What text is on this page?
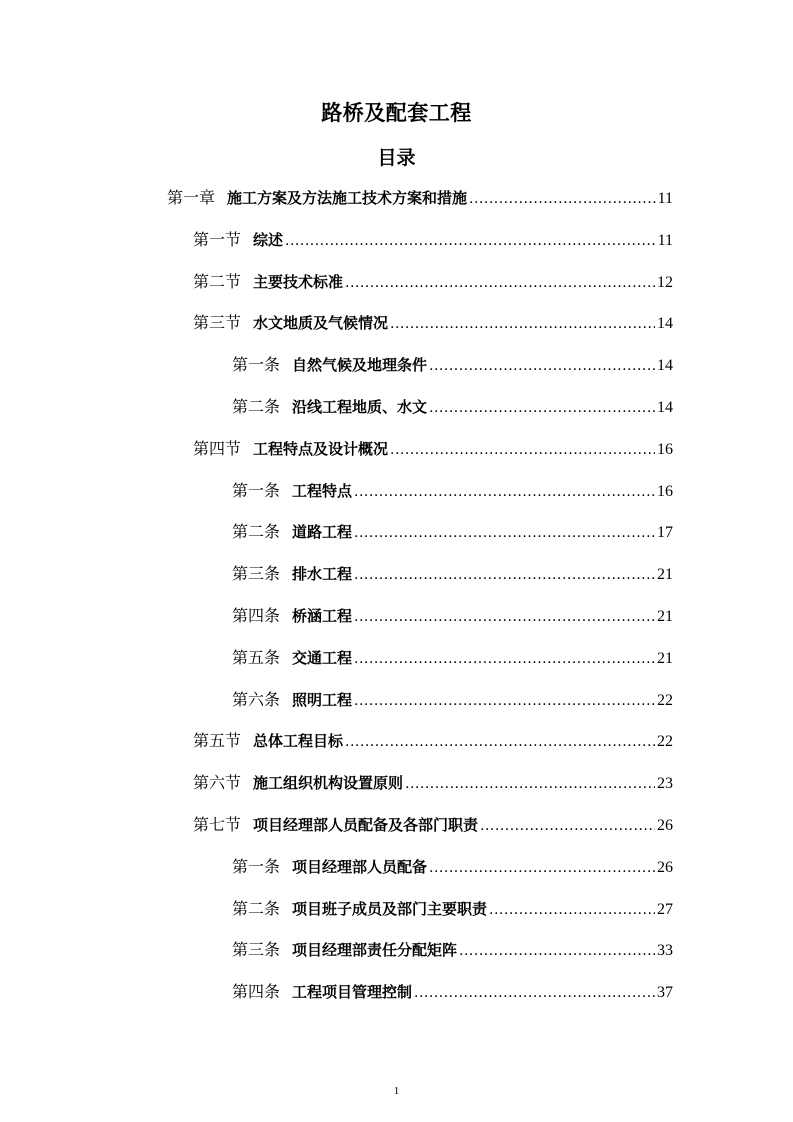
路桥及配套工程
目录
第一章 施工方案及方法施工技术方案和措施 .....	11
第一节 综述 .....	11
第二节 主要技术标准 .....	12
第三节 水文地质及气候情况 .....	14
第一条 自然气候及地理条件 .....	14
第二条 沿线工程地质、水文 .....	14
第四节 工程特点及设计概况 .....	16
第一条 工程特点 .....	16
第二条 道路工程 .....	17
第三条 排水工程 .....	21
第四条 桥涵工程 .....	21
第五条 交通工程 .....	21
第六条 照明工程 .....	22
第五节 总体工程目标 .....	22
第六节 施工组织机构设置原则 .....	23
第七节 项目经理部人员配备及各部门职责 .....	26
第一条 项目经理部人员配备 .....	26
第二条 项目班子成员及部门主要职责 .....	27
第三条 项目经理部责任分配矩阵 .....	33
第四条 工程项目管理控制 .....	37
1
